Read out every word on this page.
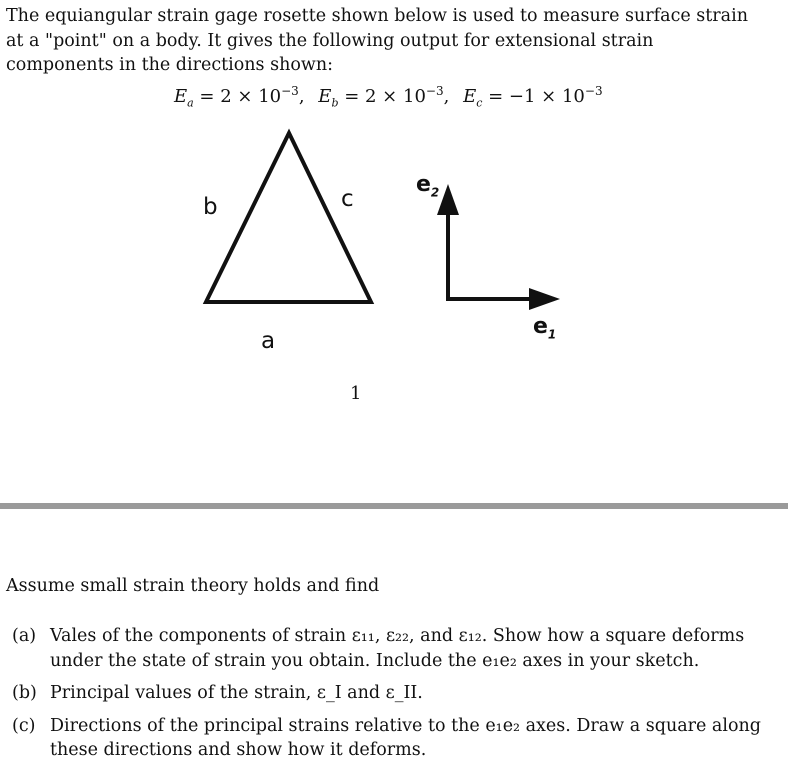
The equiangular strain gage rosette shown below is used to measure surface strain at a "point" on a body. It gives the following output for extensional strain components in the directions shown:
$E_a = 2 \times 10^{-3}$, $E_b = 2 \times 10^{-3}$, $E_c = -1 \times 10^{-3}$
b	c
a
$e_2$
$e_1$
1
Assume small strain theory holds and find
(a) Vales of the components of strain ε₁₁, ε₂₂, and ε₁₂. Show how a square deforms under the state of strain you obtain. Include the e₁e₂ axes in your sketch.
(b) Principal values of the strain, ε_I and ε_II.
(c) Directions of the principal strains relative to the e₁e₂ axes. Draw a square along these directions and show how it deforms.
